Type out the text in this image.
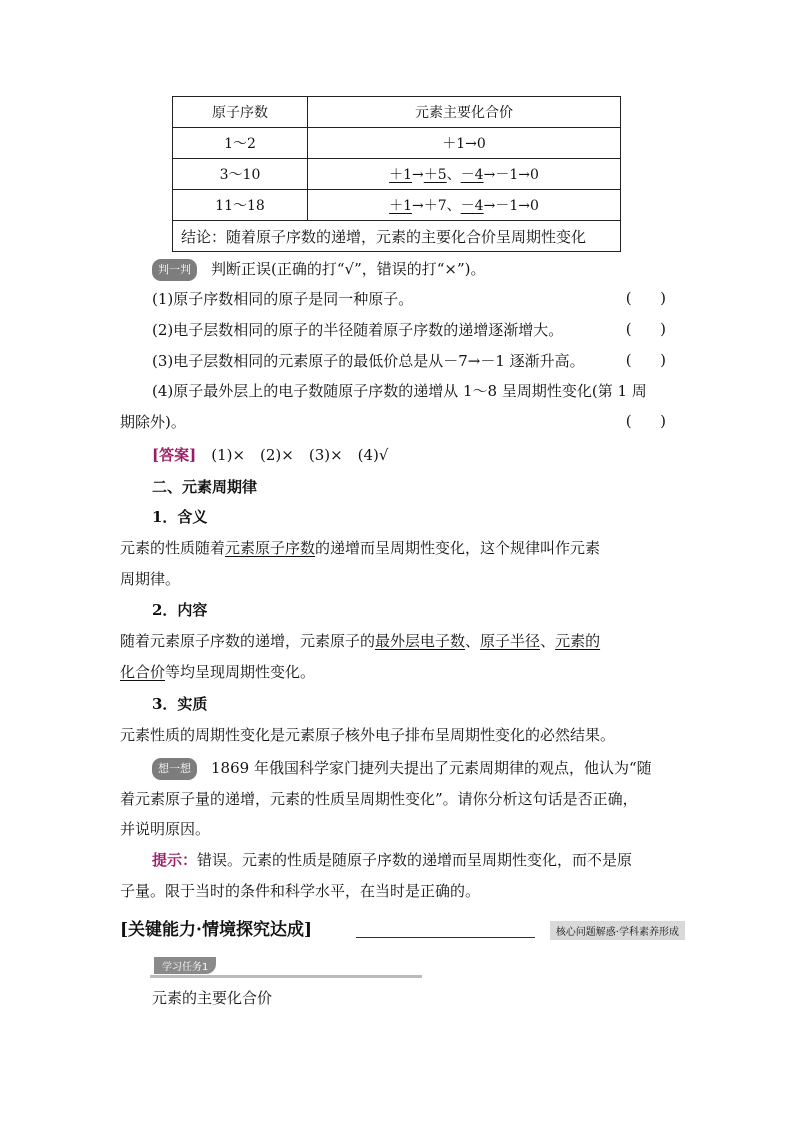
原子序数	元素主要化合价
1～2	＋1→0
3～10	＋1→＋5、－4→－1→0
11～18	＋1→＋7、－4→－1→0
结论：随着原子序数的递增，元素的主要化合价呈周期性变化	
判一判 判断正误(正确的打“√”，错误的打“×”)。
(1)原子序数相同的原子是同一种原子。	(      )
(2)电子层数相同的原子的半径随着原子序数的递增逐渐增大。	(      )
(3)电子层数相同的元素原子的最低价总是从－7→－1 逐渐升高。	(      )
(4)原子最外层上的电子数随原子序数的递增从 1～8 呈周期性变化(第 1 周
期除外)。	(      )
[答案]　 (1)×　(2)×　(3)×　(4)√
二、元素周期律
1．含义
元素的性质随着元素原子序数的递增而呈周期性变化，这个规律叫作元素
周期律。
2．内容
随着元素原子序数的递增，元素原子的最外层电子数、原子半径、元素的
化合价等均呈现周期性变化。
3．实质
元素性质的周期性变化是元素原子核外电子排布呈周期性变化的必然结果。
想一想 1869 年俄国科学家门捷列夫提出了元素周期律的观点，他认为“随
着元素原子量的递增，元素的性质呈周期性变化”。请你分析这句话是否正确，
并说明原因。
提示：错误。元素的性质是随原子序数的递增而呈周期性变化，而不是原
子量。限于当时的条件和科学水平，在当时是正确的。
[关键能力·情境探究达成]	核心问题解惑·学科素养形成
学习任务1
元素的主要化合价
